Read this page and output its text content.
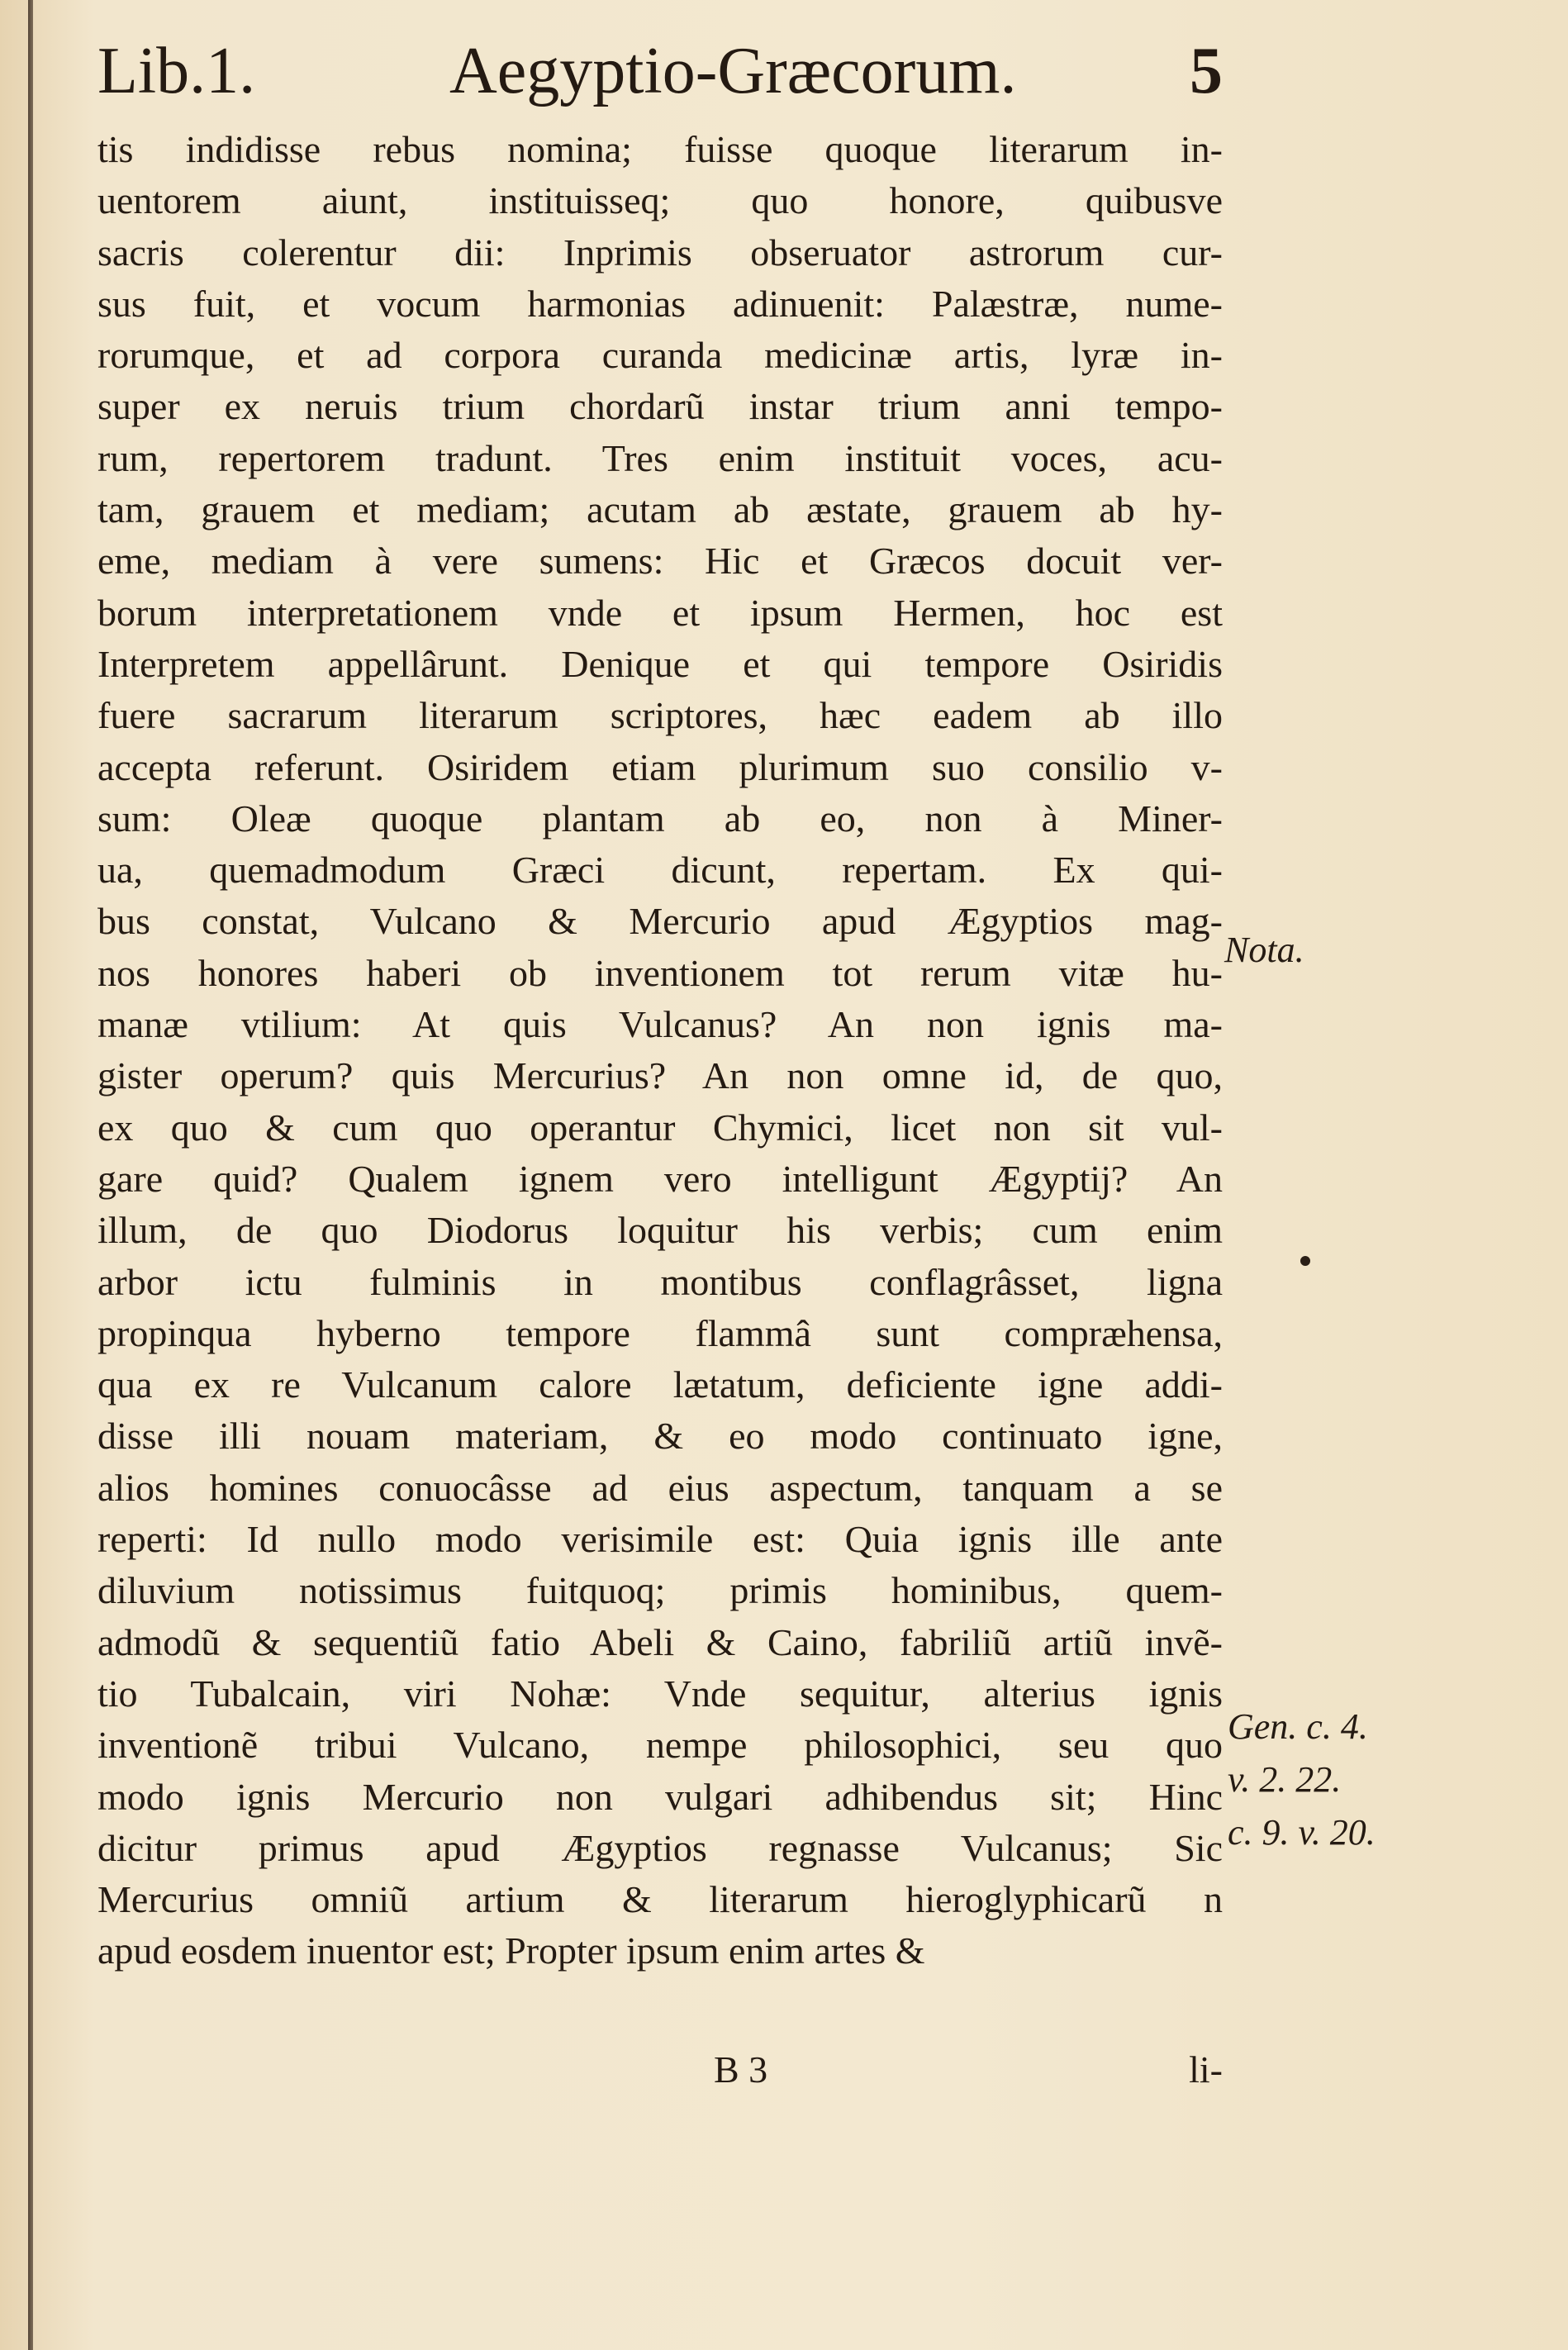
Lib.1.	Aegyptio-Græcorum.	5
tis indidisse rebus nomina; fuisse quoque literarum in-
uentorem aiunt, instituisseq; quo honore, quibusve
sacris colerentur dii: Inprimis obseruator astrorum cur-
sus fuit, et vocum harmonias adinuenit: Palæstræ, nume-
rorumque, et ad corpora curanda medicinæ artis, lyræ in-
super ex neruis trium chordarũ instar trium anni tempo-
rum, repertorem tradunt. Tres enim instituit voces, acu-
tam, grauem et mediam; acutam ab æstate, grauem ab hy-
eme, mediam à vere sumens: Hic et Græcos docuit ver-
borum interpretationem vnde et ipsum Hermen, hoc est
Interpretem appellârunt. Denique et qui tempore Osiridis
fuere sacrarum literarum scriptores, hæc eadem ab illo
accepta referunt. Osiridem etiam plurimum suo consilio v-
sum: Oleæ quoque plantam ab eo, non à Miner-
ua, quemadmodum Græci dicunt, repertam. Ex qui-
bus constat, Vulcano & Mercurio apud Ægyptios mag-
nos honores haberi ob inventionem tot rerum vitæ hu-
manæ vtilium: At quis Vulcanus? An non ignis ma-
gister operum? quis Mercurius? An non omne id, de quo,
ex quo & cum quo operantur Chymici, licet non sit vul-
gare quid? Qualem ignem vero intelligunt Ægyptij? An
illum, de quo Diodorus loquitur his verbis; cum enim
arbor ictu fulminis in montibus conflagrâsset, ligna
propinqua hyberno tempore flammâ sunt compræhensa,
qua ex re Vulcanum calore lætatum, deficiente igne addi-
disse illi nouam materiam, & eo modo continuato igne,
alios homines conuocâsse ad eius aspectum, tanquam a se
reperti: Id nullo modo verisimile est: Quia ignis ille ante
diluvium notissimus fuitquoq; primis hominibus, quem-
admodũ & sequentiũ fatio Abeli & Caino, fabriliũ artiũ invẽ-
tio Tubalcain, viri Nohæ: Vnde sequitur, alterius ignis
inventionẽ tribui Vulcano, nempe philosophici, seu quo
modo ignis Mercurio non vulgari adhibendus sit; Hinc
dicitur primus apud Ægyptios regnasse Vulcanus; Sic
Mercurius omniũ artium & literarum hieroglyphicarũ n
apud eosdem inuentor est; Propter ipsum enim artes &
Nota.
Gen. c. 4.
v. 2. 22.
c. 9. v. 20.
B 3	li-
